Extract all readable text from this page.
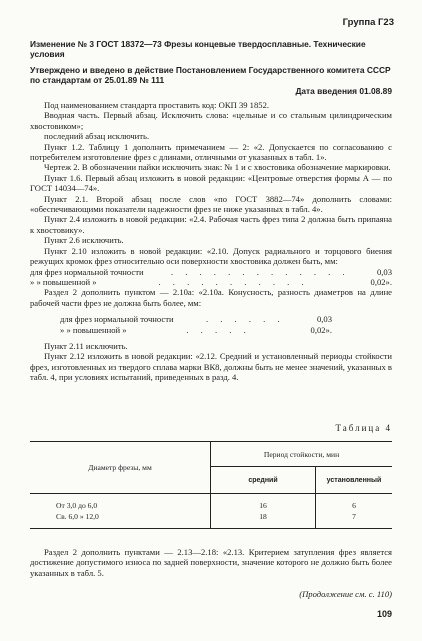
Группа Г23

Изменение № 3 ГОСТ 18372—73 Фрезы концевые твердосплавные. Технические условия

Утверждено и введено в действие Постановлением Государственного комитета СССР по стандартам от 25.01.89 № 111

Дата введения 01.08.89

Под наименованием стандарта проставить код: ОКП 39 1852.

Вводная часть. Первый абзац. Исключить слова: «цельные и со стальным цилиндрическим хвостовиком»;

последний абзац исключить.

Пункт 1.2. Таблицу 1 дополнить примечанием — 2: «2. Допускается по согласованию с потребителем изготовление фрез с длинами, отличными от указанных в табл. 1».

Чертеж 2. В обозначении пайки исключить знак: № 1 и с хвостовика обозначение маркировки.

Пункт 1.6. Первый абзац изложить в новой редакции: «Центровые отверстия формы А — по ГОСТ 14034—74».

Пункт 2.1. Второй абзац после слов «по ГОСТ 3882—74» дополнить словами: «обеспечивающими показатели надежности фрез не ниже указанных в табл. 4».

Пункт 2.4 изложить в новой редакции: «2.4. Рабочая часть фрез типа 2 должна быть припаяна к хвостовику».

Пункт 2.6 исключить.

Пункт 2.10 изложить в новой редакции: «2.10. Допуск радиального и торцового биения режущих кромок фрез относительно оси поверхности хвостовика должен быть, мм:

для фрез нормальной точности	. . . . . . . . . . . . .	0,03
» » повышенной »	. . . . . . . . . . .	0,02».

Раздел 2 дополнить пунктом — 2.10а: «2.10а. Конусность, разность диаметров на длине рабочей части фрез не должна быть более, мм:

для фрез нормальной точности	. . . . . .	0,03
» » повышенной »	. . . . .	0,02».

Пункт 2.11 исключить.

Пункт 2.12 изложить в новой редакции: «2.12. Средний и установленный периоды стойкости фрез, изготовленных из твердого сплава марки ВК8, должны быть не менее значений, указанных в табл. 4, при условиях испытаний, приведенных в разд. 4.

Таблица 4
Диаметр фрезы, мм	Период стойкости, мин	
	средний	установленный
От 3,0 до 6,0	16	6
Св. 6,0 » 12,0	18	7

Раздел 2 дополнить пунктами — 2.13—2.18: «2.13. Критерием затупления фрез является достижение допустимого износа по задней поверхности, значение которого не должно быть более указанных в табл. 5.

(Продолжение см. с. 110)
109
